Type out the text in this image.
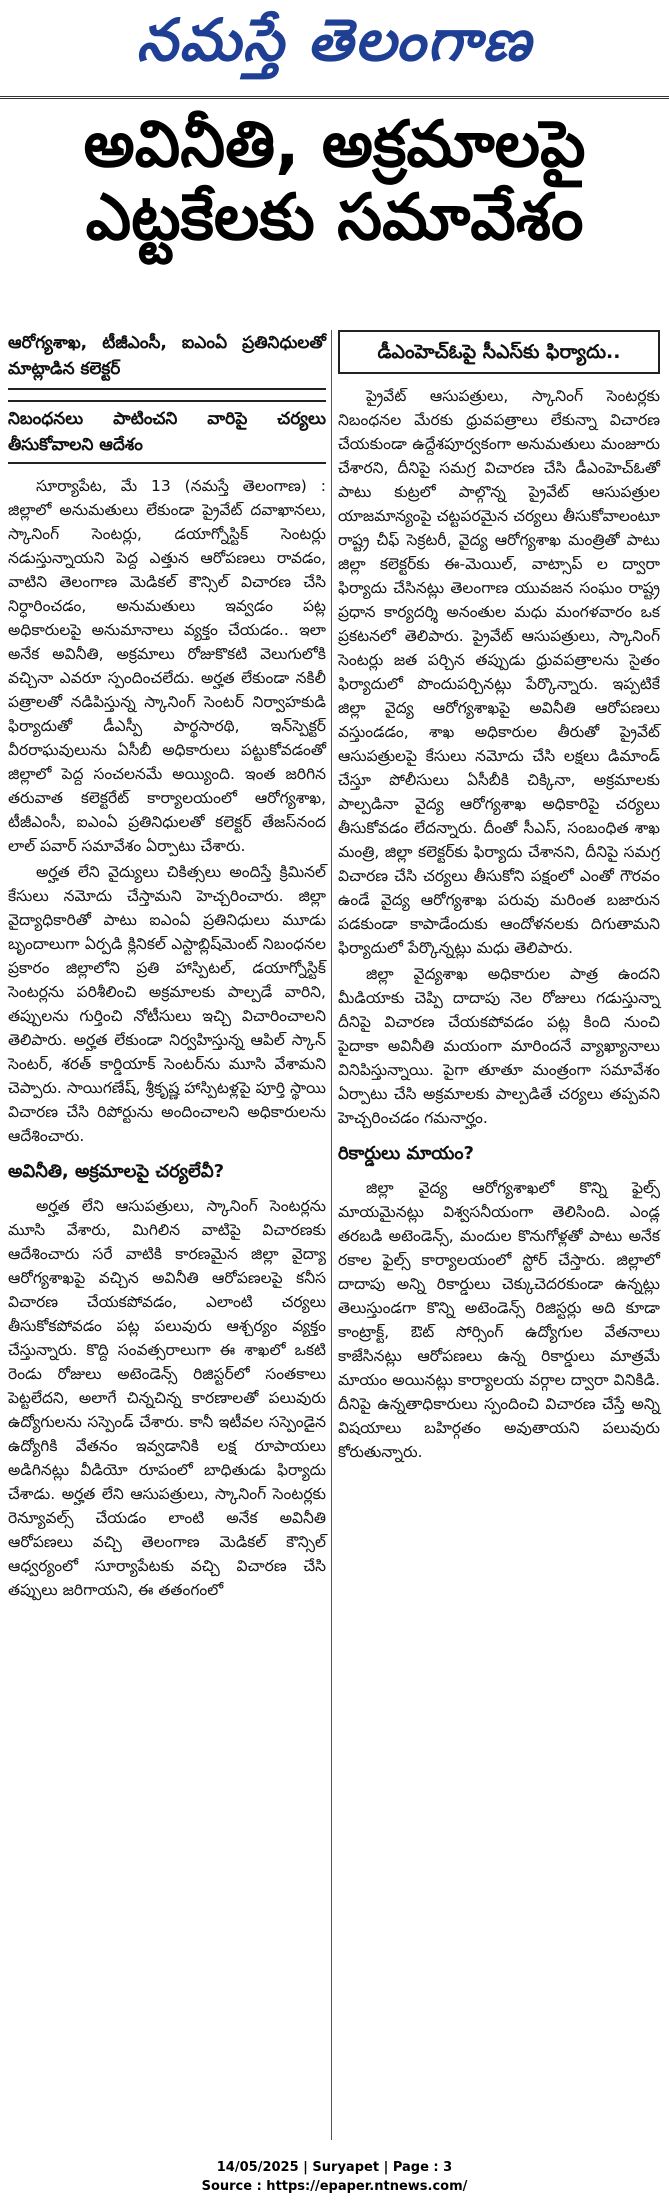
నమస్తే తెలంగాణ
అవినీతి, అక్రమాలపై
ఎట్టకేలకు సమావేశం
ఆరోగ్యశాఖ, టీజీఎంసీ, ఐఎంఏ ప్రతినిధులతో మాట్లాడిన కలెక్టర్
నిబంధనలు పాటించని వారిపై చర్యలు తీసుకోవాలని ఆదేశం

సూర్యాపేట, మే 13 (నమస్తే తెలంగాణ) : జిల్లాలో అనుమతులు లేకుండా ప్రైవేట్ దవాఖానలు, స్కానింగ్ సెంటర్లు, డయాగ్నోస్టిక్ సెంటర్లు నడుస్తున్నాయని పెద్ద ఎత్తున ఆరోపణలు రావడం, వాటిని తెలంగాణ మెడికల్ కౌన్సిల్ విచారణ చేసి నిర్ధారించడం, అనుమతులు ఇవ్వడం పట్ల అధికారులపై అనుమానాలు వ్యక్తం చేయడం.. ఇలా అనేక అవినీతి, అక్రమాలు రోజుకొకటి వెలుగులోకి వచ్చినా ఎవరూ స్పందించలేదు. అర్హత లేకుండా నకిలీ పత్రాలతో నడిపిస్తున్న స్కానింగ్ సెంటర్ నిర్వాహకుడి ఫిర్యాదుతో డీఎస్పీ పార్థసారథి, ఇన్‌స్పెక్టర్ వీరరాఘవులును ఏసీబీ అధికారులు పట్టుకోవడంతో జిల్లాలో పెద్ద సంచలనమే అయ్యింది. ఇంత జరిగిన తరువాత కలెక్టరేట్ కార్యాలయంలో ఆరోగ్యశాఖ, టీజీఎంసీ, ఐఎంఏ ప్రతినిధులతో కలెక్టర్ తేజస్‌నంద లాల్ పవార్ సమావేశం ఏర్పాటు చేశారు.

అర్హత లేని వైద్యులు చికిత్సలు అందిస్తే క్రిమినల్ కేసులు నమోదు చేస్తామని హెచ్చరించారు. జిల్లా వైద్యాధికారితో పాటు ఐఎంఏ ప్రతినిధులు మూడు బృందాలుగా ఏర్పడి క్లినికల్ ఎస్టాబ్లిష్‌మెంట్ నిబంధనల ప్రకారం జిల్లాలోని ప్రతి హాస్పిటల్, డయాగ్నోస్టిక్ సెంటర్లను పరిశీలించి అక్రమాలకు పాల్పడే వారిని, తప్పులను గుర్తించి నోటీసులు ఇచ్చి విచారించాలని తెలిపారు. అర్హత లేకుండా నిర్వహిస్తున్న ఆపిల్ స్కాన్ సెంటర్, శరత్ కార్డియాక్ సెంటర్‌ను మూసి వేశామని చెప్పారు. సాయిగణేష్, శ్రీకృష్ణ హాస్పిటళ్లపై పూర్తి స్థాయి విచారణ చేసి రిపోర్టును అందించాలని అధికారులను ఆదేశించారు.

అవినీతి, అక్రమాలపై చర్యలేవీ?

అర్హత లేని ఆసుపత్రులు, స్కానింగ్ సెంటర్లను మూసి వేశారు, మిగిలిన వాటిపై విచారణకు ఆదేశించారు సరే వాటికి కారణమైన జిల్లా వైద్యా ఆరోగ్యశాఖపై వచ్చిన అవినీతి ఆరోపణలపై కనీస విచారణ చేయకపోవడం, ఎలాంటి చర్యలు తీసుకోకపోవడం పట్ల పలువురు ఆశ్చర్యం వ్యక్తం చేస్తున్నారు. కొద్ది సంవత్సరాలుగా ఈ శాఖలో ఒకటి రెండు రోజులు అటెండెన్స్ రిజిస్టర్‌లో సంతకాలు పెట్టలేదని, అలాగే చిన్నచిన్న కారణాలతో పలువురు ఉద్యోగులను సస్పెండ్ చేశారు. కానీ ఇటీవల సస్పెండైన ఉద్యోగికి వేతనం ఇవ్వడానికి లక్ష రూపాయలు అడిగినట్లు వీడియో రూపంలో బాధితుడు ఫిర్యాదు చేశాడు. అర్హత లేని ఆసుపత్రులు, స్కానింగ్ సెంటర్లకు రెన్యూవల్స్ చేయడం లాంటి అనేక అవినీతి ఆరోపణలు వచ్చి తెలంగాణ మెడికల్ కౌన్సిల్ ఆధ్వర్యంలో సూర్యాపేటకు వచ్చి విచారణ చేసి తప్పులు జరిగాయని, ఈ తతంగంలో

డీఎంహెచ్‌ఓపై సీఎస్‌కు ఫిర్యాదు..

ప్రైవేట్ ఆసుపత్రులు, స్కానింగ్ సెంటర్లకు నిబంధనల మేరకు ధ్రువపత్రాలు లేకున్నా విచారణ చేయకుండా ఉద్దేశపూర్వకంగా అనుమతులు మంజూరు చేశారని, దీనిపై సమగ్ర విచారణ చేసి డీఎంహెచ్‌ఓతో పాటు కుట్రలో పాల్గొన్న ప్రైవేట్ ఆసుపత్రుల యాజమాన్యంపై చట్టపరమైన చర్యలు తీసుకోవాలంటూ రాష్ట్ర చీఫ్ సెక్రటరీ, వైద్య ఆరోగ్యశాఖ మంత్రితో పాటు జిల్లా కలెక్టర్‌కు ఈ-మెయిల్, వాట్సాప్ ల ద్వారా ఫిర్యాదు చేసినట్లు తెలంగాణ యువజన సంఘం రాష్ట్ర ప్రధాన కార్యదర్శి అనంతుల మధు మంగళవారం ఒక ప్రకటనలో తెలిపారు. ప్రైవేట్ ఆసుపత్రులు, స్కానింగ్ సెంటర్లు జత పర్చిన తప్పుడు ధ్రువపత్రాలను సైతం ఫిర్యాదులో పొందుపర్చినట్లు పేర్కొన్నారు. ఇప్పటికే జిల్లా వైద్య ఆరోగ్యశాఖపై అవినీతి ఆరోపణలు వస్తుండడం, శాఖ అధికారుల తీరుతో ప్రైవేట్ ఆసుపత్రులపై కేసులు నమోదు చేసి లక్షలు డిమాండ్ చేస్తూ పోలీసులు ఏసీబీకి చిక్కినా, అక్రమాలకు పాల్పడినా వైద్య ఆరోగ్యశాఖ అధికారిపై చర్యలు తీసుకోవడం లేదన్నారు. దీంతో సీఎస్, సంబంధిత శాఖ మంత్రి, జిల్లా కలెక్టర్‌కు ఫిర్యాదు చేశానని, దీనిపై సమగ్ర విచారణ చేసి చర్యలు తీసుకోని పక్షంలో ఎంతో గౌరవం ఉండే వైద్య ఆరోగ్యశాఖ పరువు మరింత బజారున పడకుండా కాపాడేందుకు ఆందోళనలకు దిగుతామని ఫిర్యాదులో పేర్కొన్నట్లు మధు తెలిపారు.

జిల్లా వైద్యశాఖ అధికారుల పాత్ర ఉందని మీడియాకు చెప్పి దాదాపు నెల రోజులు గడుస్తున్నా దీనిపై విచారణ చేయకపోవడం పట్ల కింది నుంచి పైదాకా అవినీతి మయంగా మారిందనే వ్యాఖ్యానాలు వినిపిస్తున్నాయి. పైగా తూతూ మంత్రంగా సమావేశం ఏర్పాటు చేసి అక్రమాలకు పాల్పడితే చర్యలు తప్పవని హెచ్చరించడం గమనార్హం.

రికార్డులు మాయం?

జిల్లా వైద్య ఆరోగ్యశాఖలో కొన్ని ఫైల్స్ మాయమైనట్లు విశ్వసనీయంగా తెలిసింది. ఎండ్ల తరబడి అటెండెన్స్, మందుల కొనుగోళ్లతో పాటు అనేక రకాల ఫైల్స్ కార్యాలయంలో స్టోర్ చేస్తారు. జిల్లాలో దాదాపు అన్ని రికార్డులు చెక్కుచెదరకుండా ఉన్నట్లు తెలుస్తుండగా కొన్ని అటెండెన్స్ రిజిస్టర్లు అది కూడా కాంట్రాక్ట్, ఔట్ సోర్సింగ్ ఉద్యోగుల వేతనాలు కాజేసినట్లు ఆరోపణలు ఉన్న రికార్డులు మాత్రమే మాయం అయినట్లు కార్యాలయ వర్గాల ద్వారా వినికిడి. దీనిపై ఉన్నతాధికారులు స్పందించి విచారణ చేస్తే అన్ని విషయాలు బహిర్గతం అవుతాయని పలువురు కోరుతున్నారు.

14/05/2025 | Suryapet | Page : 3
Source : https://epaper.ntnews.com/
